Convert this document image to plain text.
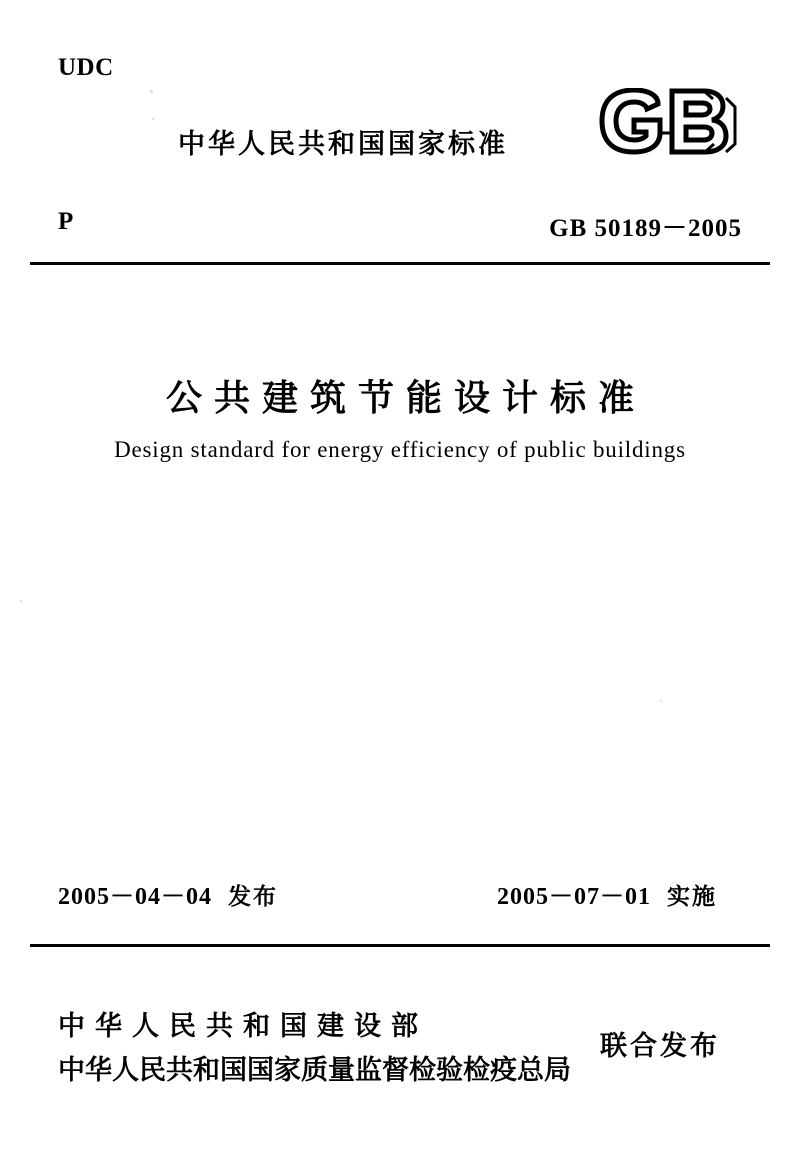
UDC
中华人民共和国国家标准
P	GB 50189－2005
公共建筑节能设计标准
Design standard for energy efficiency of public buildings
2005－04－04 发布	2005－07－01 实施
中华人民共和国建设部
中华人民共和国国家质量监督检验检疫总局
联合发布
